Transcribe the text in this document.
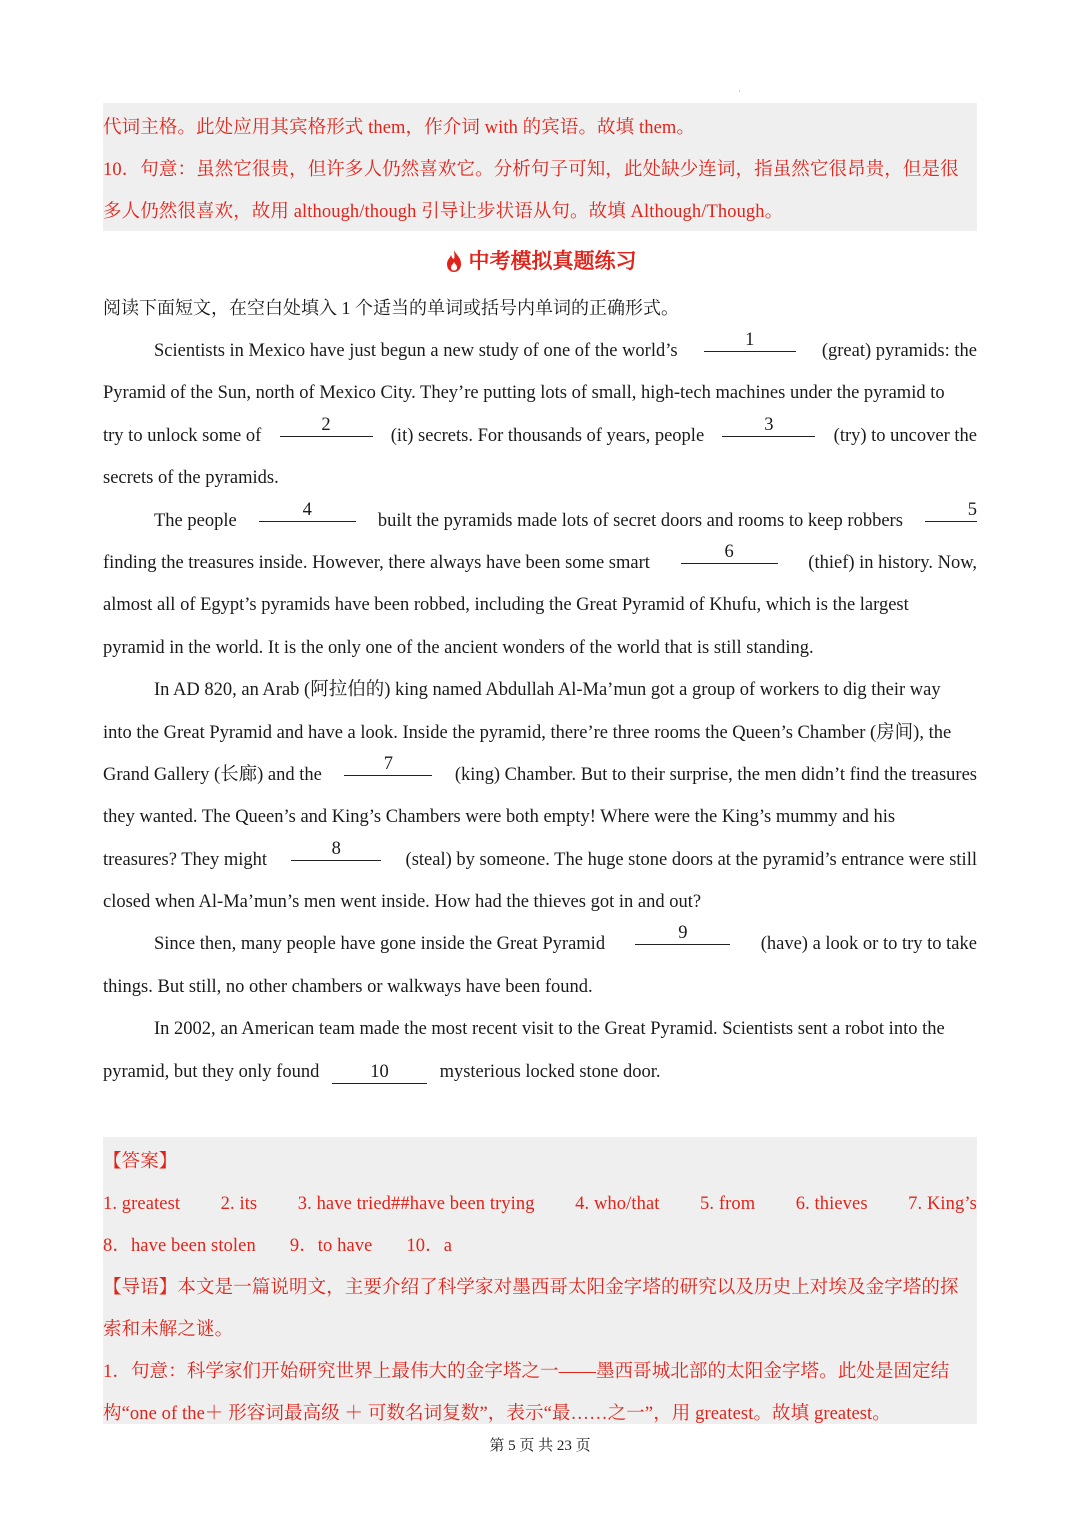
·
代词主格。此处应用其宾格形式 them，作介词 with 的宾语。故填 them。
10．句意：虽然它很贵，但许多人仍然喜欢它。分析句子可知，此处缺少连词，指虽然它很昂贵，但是很
多人仍然很喜欢，故用 although/though 引导让步状语从句。故填 Although/Though。
中考模拟真题练习
阅读下面短文，在空白处填入 1 个适当的单词或括号内单词的正确形式。
Scientists in Mexico have just begun a new study of one of the world’s
1
(great) pyramids: the
Pyramid of the Sun, north of Mexico City. They’re putting lots of small, high-tech machines under the pyramid to
try to unlock some of
2
(it) secrets. For thousands of years, people
3
(try) to uncover the
secrets of the pyramids.
The people
4
built the pyramids made lots of secret doors and rooms to keep robbers
5
finding the treasures inside. However, there always have been some smart
6
(thief) in history. Now,
almost all of Egypt’s pyramids have been robbed, including the Great Pyramid of Khufu, which is the largest
pyramid in the world. It is the only one of the ancient wonders of the world that is still standing.
In AD 820, an Arab (阿拉伯的) king named Abdullah Al-Ma’mun got a group of workers to dig their way
into the Great Pyramid and have a look. Inside the pyramid, there’re three rooms the Queen’s Chamber (房间), the
Grand Gallery (长廊) and the
7
(king) Chamber. But to their surprise, the men didn’t find the treasures
they wanted. The Queen’s and King’s Chambers were both empty! Where were the King’s mummy and his
treasures? They might
8
(steal) by someone. The huge stone doors at the pyramid’s entrance were still
closed when Al-Ma’mun’s men went inside. How had the thieves got in and out?
Since then, many people have gone inside the Great Pyramid
9
(have) a look or to try to take
things. But still, no other chambers or walkways have been found.
In 2002, an American team made the most recent visit to the Great Pyramid. Scientists sent a robot into the
pyramid, but they only found	10	mysterious locked stone door.
【答案】
1. greatest 2. its 3. have tried##have been trying 4. who/that 5. from 6. thieves 7. King’s
8．have been stolen 9．to have 10．a
【导语】本文是一篇说明文，主要介绍了科学家对墨西哥太阳金字塔的研究以及历史上对埃及金字塔的探
索和未解之谜。
1．句意：科学家们开始研究世界上最伟大的金字塔之一——墨西哥城北部的太阳金字塔。此处是固定结
构“one of the＋ 形容词最高级 ＋ 可数名词复数”，表示“最……之一”，用 greatest。故填 greatest。
第 5 页 共 23 页
